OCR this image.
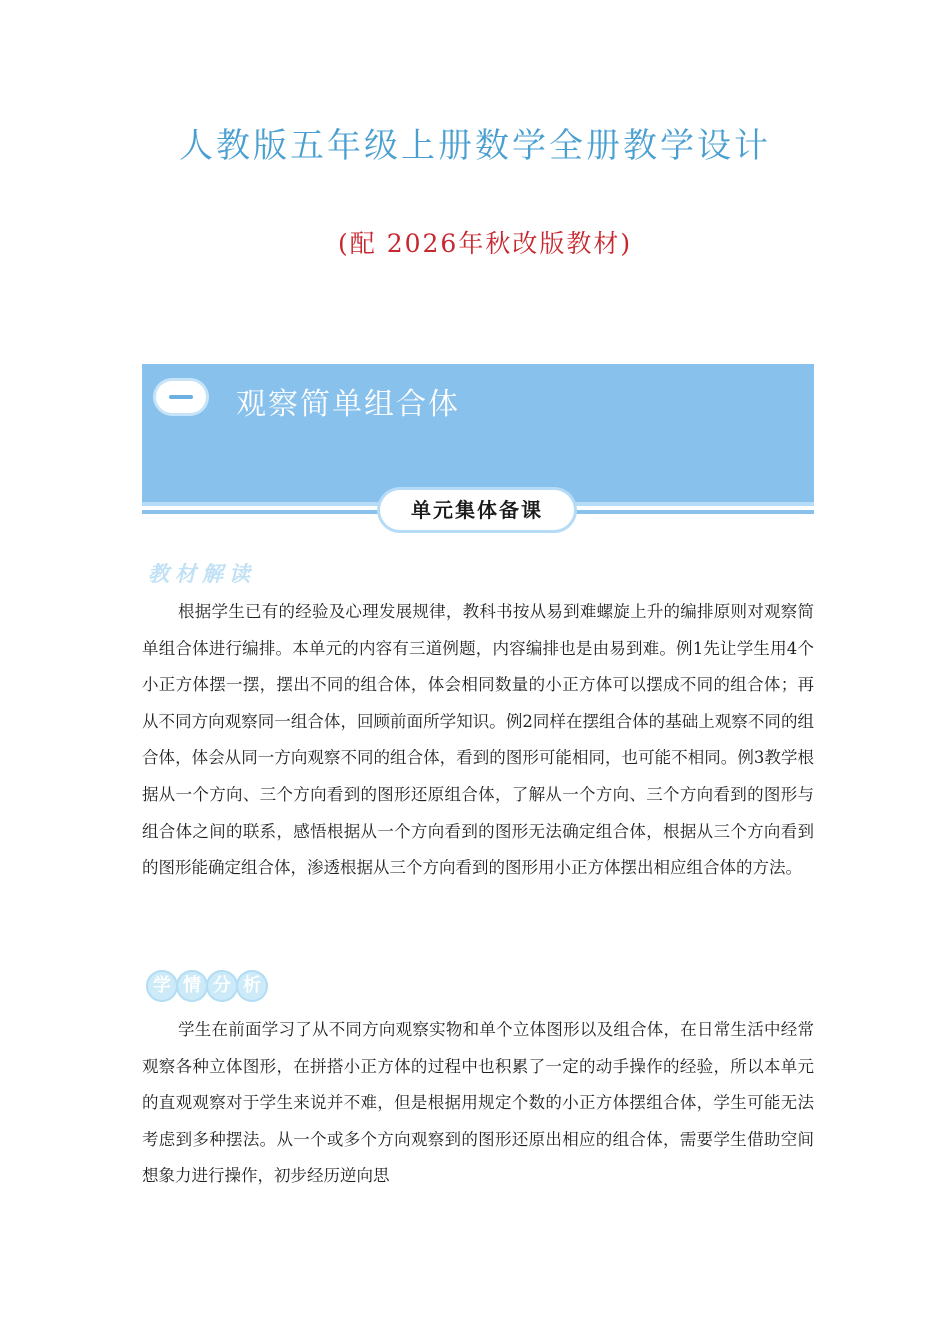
人教版五年级上册数学全册教学设计
(配 2026年秋改版教材)
观察简单组合体
单元集体备课
教材解读

根据学生已有的经验及心理发展规律，教科书按从易到难螺旋上升的编排原则对观察简单组合体进行编排。本单元的内容有三道例题，内容编排也是由易到难。例1先让学生用4个小正方体摆一摆，摆出不同的组合体，体会相同数量的小正方体可以摆成不同的组合体；再从不同方向观察同一组合体，回顾前面所学知识。例2同样在摆组合体的基础上观察不同的组合体，体会从同一方向观察不同的组合体，看到的图形可能相同，也可能不相同。例3教学根据从一个方向、三个方向看到的图形还原组合体，了解从一个方向、三个方向看到的图形与组合体之间的联系，感悟根据从一个方向看到的图形无法确定组合体，根据从三个方向看到的图形能确定组合体，渗透根据从三个方向看到的图形用小正方体摆出相应组合体的方法。

学 情 分 析

学生在前面学习了从不同方向观察实物和单个立体图形以及组合体，在日常生活中经常观察各种立体图形，在拼搭小正方体的过程中也积累了一定的动手操作的经验，所以本单元的直观观察对于学生来说并不难，但是根据用规定个数的小正方体摆组合体，学生可能无法考虑到多种摆法。从一个或多个方向观察到的图形还原出相应的组合体，需要学生借助空间想象力进行操作，初步经历逆向思
